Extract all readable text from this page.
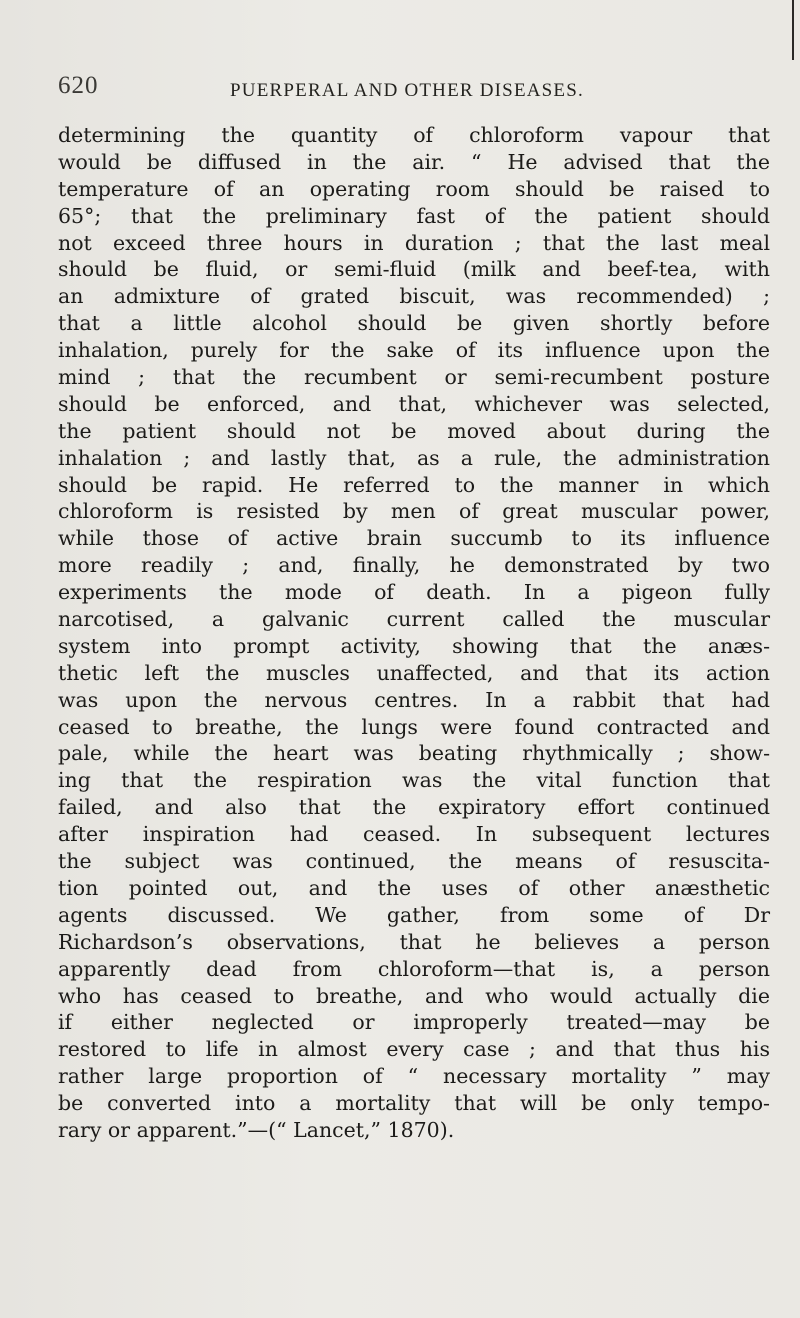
620	PUERPERAL AND OTHER DISEASES.
determining the quantity of chloroform vapour that
would be diffused in the air. “ He advised that the
temperature of an operating room should be raised to
65°; that the preliminary fast of the patient should
not exceed three hours in duration ; that the last meal
should be fluid, or semi-fluid (milk and beef-tea, with
an admixture of grated biscuit, was recommended) ;
that a little alcohol should be given shortly before
inhalation, purely for the sake of its influence upon the
mind ; that the recumbent or semi-recumbent posture
should be enforced, and that, whichever was selected,
the patient should not be moved about during the
inhalation ; and lastly that, as a rule, the administration
should be rapid. He referred to the manner in which
chloroform is resisted by men of great muscular power,
while those of active brain succumb to its influence
more readily ; and, finally, he demonstrated by two
experiments the mode of death. In a pigeon fully
narcotised, a galvanic current called the muscular
system into prompt activity, showing that the anæs-
thetic left the muscles unaffected, and that its action
was upon the nervous centres. In a rabbit that had
ceased to breathe, the lungs were found contracted and
pale, while the heart was beating rhythmically ; show-
ing that the respiration was the vital function that
failed, and also that the expiratory effort continued
after inspiration had ceased. In subsequent lectures
the subject was continued, the means of resuscita-
tion pointed out, and the uses of other anæsthetic
agents discussed. We gather, from some of Dr
Richardson’s observations, that he believes a person
apparently dead from chloroform—that is, a person
who has ceased to breathe, and who would actually die
if either neglected or improperly treated—may be
restored to life in almost every case ; and that thus his
rather large proportion of “ necessary mortality ” may
be converted into a mortality that will be only tempo-
rary or apparent.”—(“ Lancet,” 1870).
